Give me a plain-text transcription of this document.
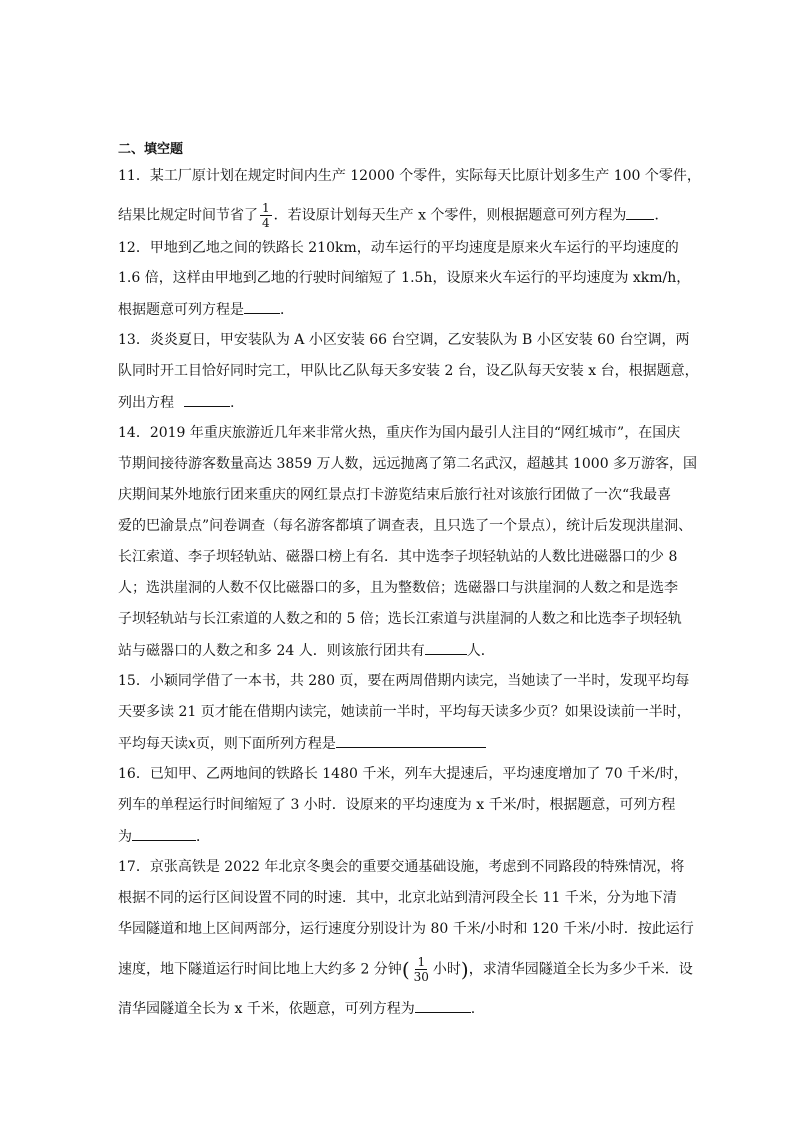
二、填空题
11．某工厂原计划在规定时间内生产 12000 个零件，实际每天比原计划多生产 100 个零件，
结果比规定时间节省了 $\frac{1}{4}$ ．若设原计划每天生产 x 个零件，则根据题意可列方程为 ．
12．甲地到乙地之间的铁路长 210km，动车运行的平均速度是原来火车运行的平均速度的
1.6 倍，这样由甲地到乙地的行驶时间缩短了 1.5h，设原来火车运行的平均速度为 xkm/h，
根据题意可列方程是	．
13．炎炎夏日，甲安装队为 A 小区安装 66 台空调，乙安装队为 B 小区安装 60 台空调，两
队同时开工目恰好同时完工，甲队比乙队每天多安装 2 台，设乙队每天安装 x 台，根据题意，
列出方程	.
14．2019 年重庆旅游近几年来非常火热，重庆作为国内最引人注目的“网红城市”，在国庆
节期间接待游客数量高达 3859 万人数，远远抛离了第二名武汉，超越其 1000 多万游客，国
庆期间某外地旅行团来重庆的网红景点打卡游览结束后旅行社对该旅行团做了一次“我最喜
爱的巴渝景点”问卷调查（每名游客都填了调查表，且只选了一个景点），统计后发现洪崖洞、
长江索道、李子坝轻轨站、磁器口榜上有名．其中选李子坝轻轨站的人数比进磁器口的少 8
人；选洪崖洞的人数不仅比磁器口的多，且为整数倍；选磁器口与洪崖洞的人数之和是选李
子坝轻轨站与长江索道的人数之和的 5 倍；选长江索道与洪崖洞的人数之和比选李子坝轻轨
站与磁器口的人数之和多 24 人．则该旅行团共有	人．
15．小颖同学借了一本书，共 280 页，要在两周借期内读完，当她读了一半时，发现平均每
天要多读 21 页才能在借期内读完，她读前一半时，平均每天读多少页？如果设读前一半时，
平均每天读x页，则下面所列方程是
16．已知甲、乙两地间的铁路长 1480 千米，列车大提速后，平均速度增加了 70 千米/时，
列车的单程运行时间缩短了 3 小时．设原来的平均速度为 x 千米/时，根据题意，可列方程
为	．
17．京张高铁是 2022 年北京冬奥会的重要交通基础设施，考虑到不同路段的特殊情况，将
根据不同的运行区间设置不同的时速．其中，北京北站到清河段全长 11 千米，分为地下清
华园隧道和地上区间两部分，运行速度分别设计为 80 千米/小时和 120 千米/小时．按此运行
速度，地下隧道运行时间比地上大约多 2 分钟( $\frac{1}{30}$ 小时)，求清华园隧道全长为多少千米．设
清华园隧道全长为 x 千米，依题意，可列方程为	.
